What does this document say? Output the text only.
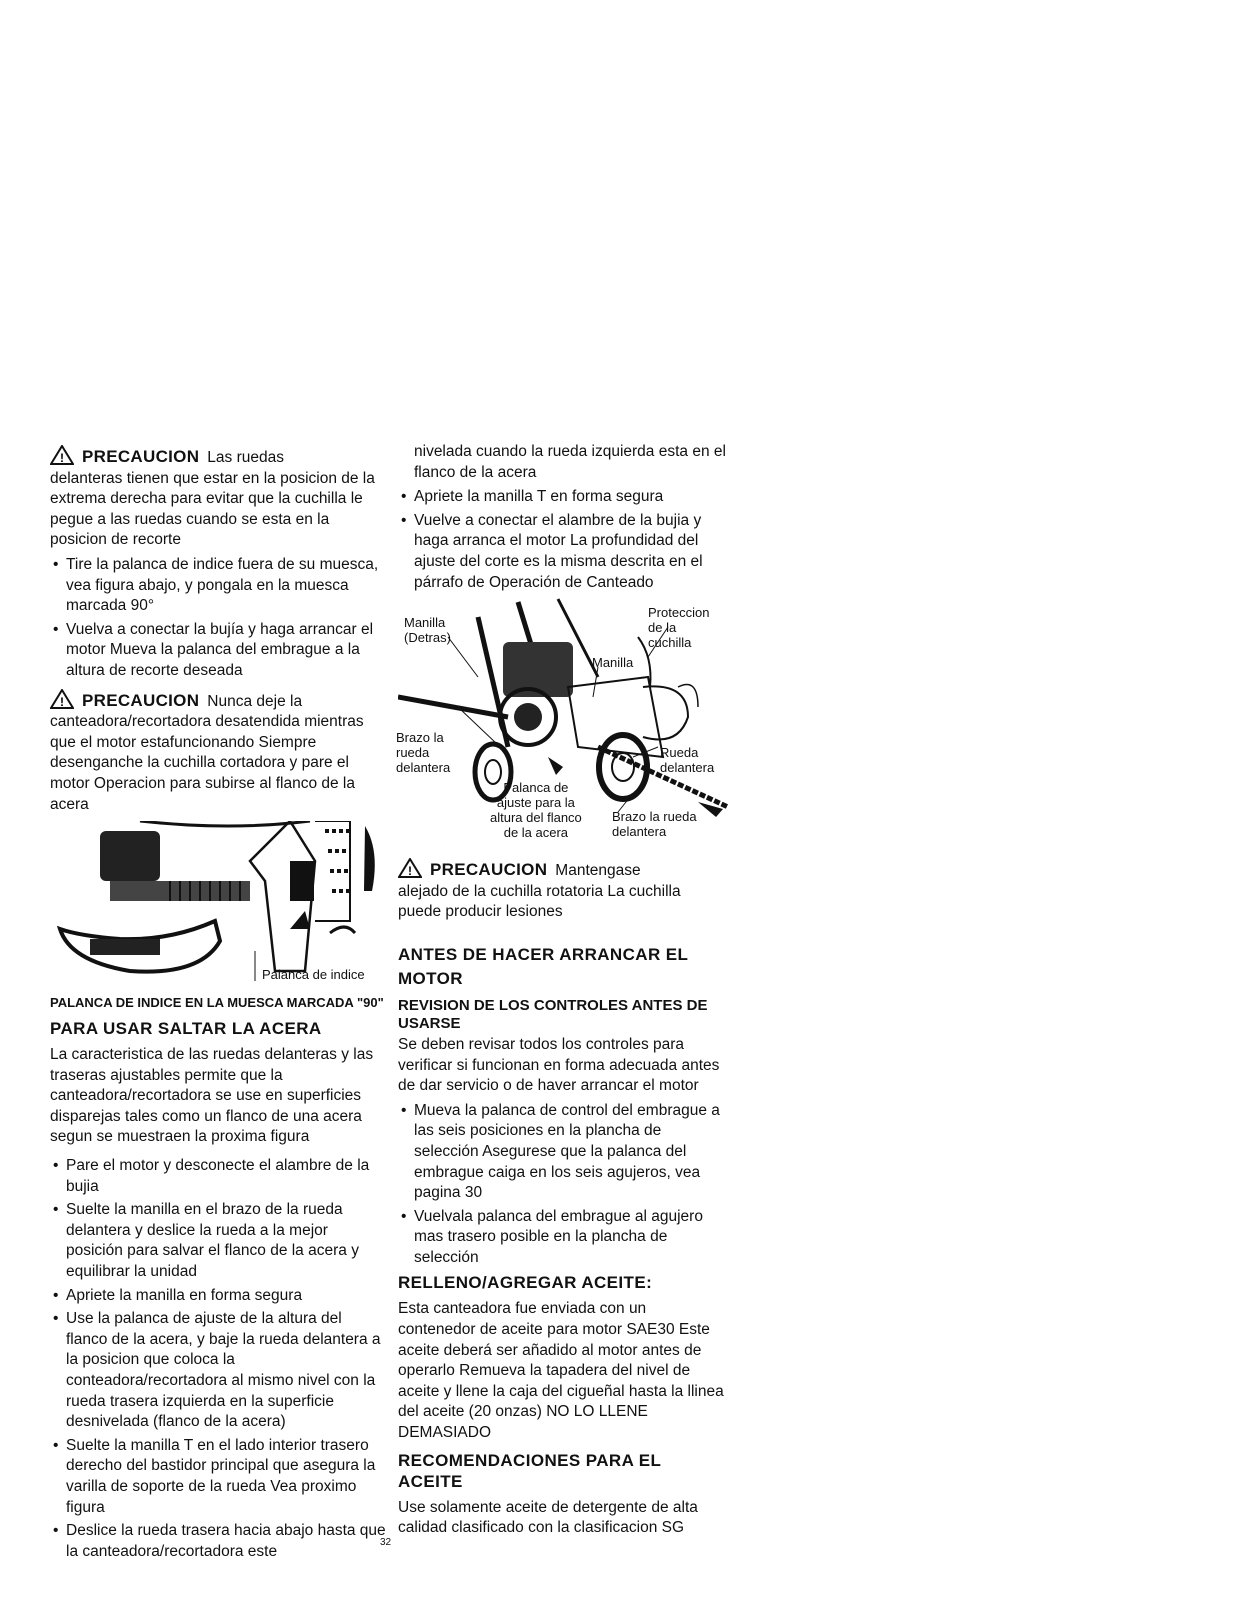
! PRECAUCION Las ruedas

delanteras tienen que estar en la posicion de la extrema derecha para evitar que la cuchilla le pegue a las ruedas cuando se esta en la posicion de recorte

• Tire la palanca de indice fuera de su muesca, vea figura abajo, y pongala en la muesca marcada 90°
• Vuelva a conectar la bujía y haga arrancar el motor Mueva la palanca del embrague a la altura de recorte deseada
! PRECAUCION Nunca deje la

canteadora/recortadora desatendida mientras que el motor estafuncionando Siempre desenganche la cuchilla cortadora y pare el motor Operacion para subirse al flanco de la acera

Palanca de indice
PALANCA DE INDICE EN LA MUESCA MARCADA "90"
PARA USAR SALTAR LA ACERA

La caracteristica de las ruedas delanteras y las traseras ajustables permite que la canteadora/recortadora se use en superficies disparejas tales como un flanco de una acera segun se muestraen la proxima figura

• Pare el motor y desconecte el alambre de la bujia
• Suelte la manilla en el brazo de la rueda delantera y deslice la rueda a la mejor posición para salvar el flanco de la acera y equilibrar la unidad
• Apriete la manilla en forma segura
• Use la palanca de ajuste de la altura del flanco de la acera, y baje la rueda delantera a la posicion que coloca la conteadora/recortadora al mismo nivel con la rueda trasera izquierda en la superficie desnivelada (flanco de la acera)
• Suelte la manilla T en el lado interior trasero derecho del bastidor principal que asegura la varilla de soporte de la rueda Vea proximo figura
• Deslice la rueda trasera hacia abajo hasta que la canteadora/recortadora este

nivelada cuando la rueda izquierda esta en el flanco de la acera

• Apriete la manilla T en forma segura
• Vuelve a conectar el alambre de la bujia y haga arranca el motor La profundidad del ajuste del corte es la misma descrita en el párrafo de Operación de Canteado
Manilla
(Detras)
Manilla
Proteccion
de la
cuchilla
Brazo la
rueda
delantera
Rueda
delantera
Palanca de
ajuste para la
altura del flanco
de la acera
Brazo la rueda
delantera
! PRECAUCION Mantengase

alejado de la cuchilla rotatoria La cuchilla puede producir lesiones

ANTES DE HACER ARRANCAR EL MOTOR
REVISION DE LOS CONTROLES ANTES DE USARSE

Se deben revisar todos los controles para verificar si funcionan en forma adecuada antes de dar servicio o de haver arrancar el motor

• Mueva la palanca de control del embrague a las seis posiciones en la plancha de selección Asegurese que la palanca del embrague caiga en los seis agujeros, vea pagina 30
• Vuelvala palanca del embrague al agujero mas trasero posible en la plancha de selección
RELLENO/AGREGAR ACEITE:

Esta canteadora fue enviada con un contenedor de aceite para motor SAE30 Este aceite deberá ser añadido al motor antes de operarlo Remueva la tapadera del nivel de aceite y llene la caja del cigueñal hasta la llinea del aceite (20 onzas) NO LO LLENE DEMASIADO

RECOMENDACIONES PARA EL ACEITE

Use solamente aceite de detergente de alta calidad clasificado con la clasificacion SG

32
